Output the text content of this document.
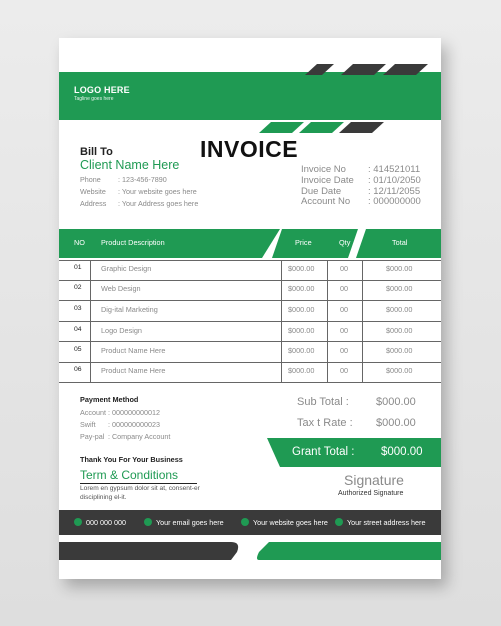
LOGO HERE
Tagline goes here
Bill To
Client Name Here
Phone : 123-456-7890
Website : Your website goes here
Address : Your Address goes here
INVOICE
Invoice No : 414521011
Invoice Date : 01/10/2050
Due Date	: 12/11/2055
Account No : 000000000
NO Product Description	Price	Qty	Total
01	Graphic Design	$000.00	00	$000.00
02	Web Design	$000.00	00	$000.00
03	Dig-ital Marketing	$000.00	00	$000.00
04	Logo Design	$000.00	00	$000.00
05	Product Name Here	$000.00	00	$000.00
06	Product Name Here	$000.00	00	$000.00
Payment Method
Account : 000000000012
Swift : 000000000023
Pay-pal : Company Account
Sub Total : $000.00
Tax t Rate : $000.00
Grant Total : $000.00
Thank You For Your Business
Term & Conditions
Lorem en gypsum dolor sit at, consent-er disciplining el-it.
Signature
Authorized Signature
000 000 000	Your email goes here	Your website goes here	Your street address here
